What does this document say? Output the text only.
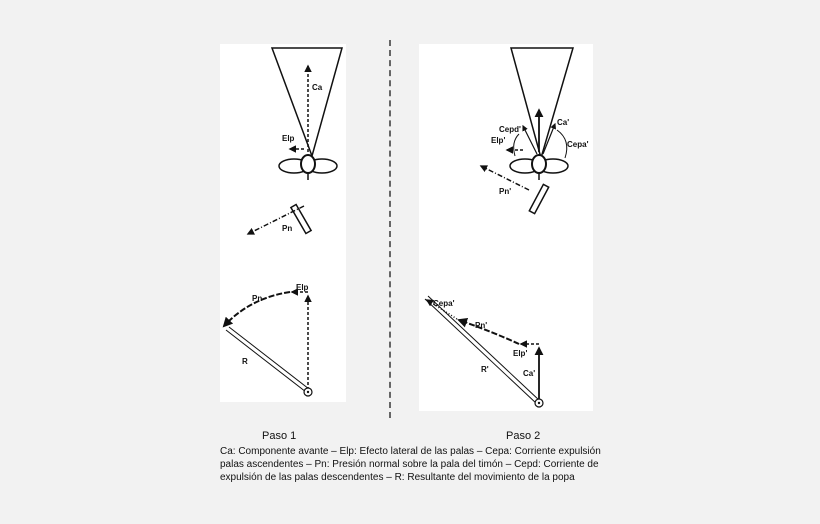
Ca
Elp
Pn
Elp
Pn
R
Ca'
Cepd'
Cepa'
Elp'
Pn'
Ca'
Elp'
Pn'
Cepa'
R'
Paso 1	Paso 2
Ca: Componente avante – Elp: Efecto lateral de las palas – Cepa: Corriente expulsión
palas ascendentes – Pn: Presión normal sobre la pala del timón – Cepd: Corriente de
expulsión de las palas descendentes – R: Resultante del movimiento de la popa
